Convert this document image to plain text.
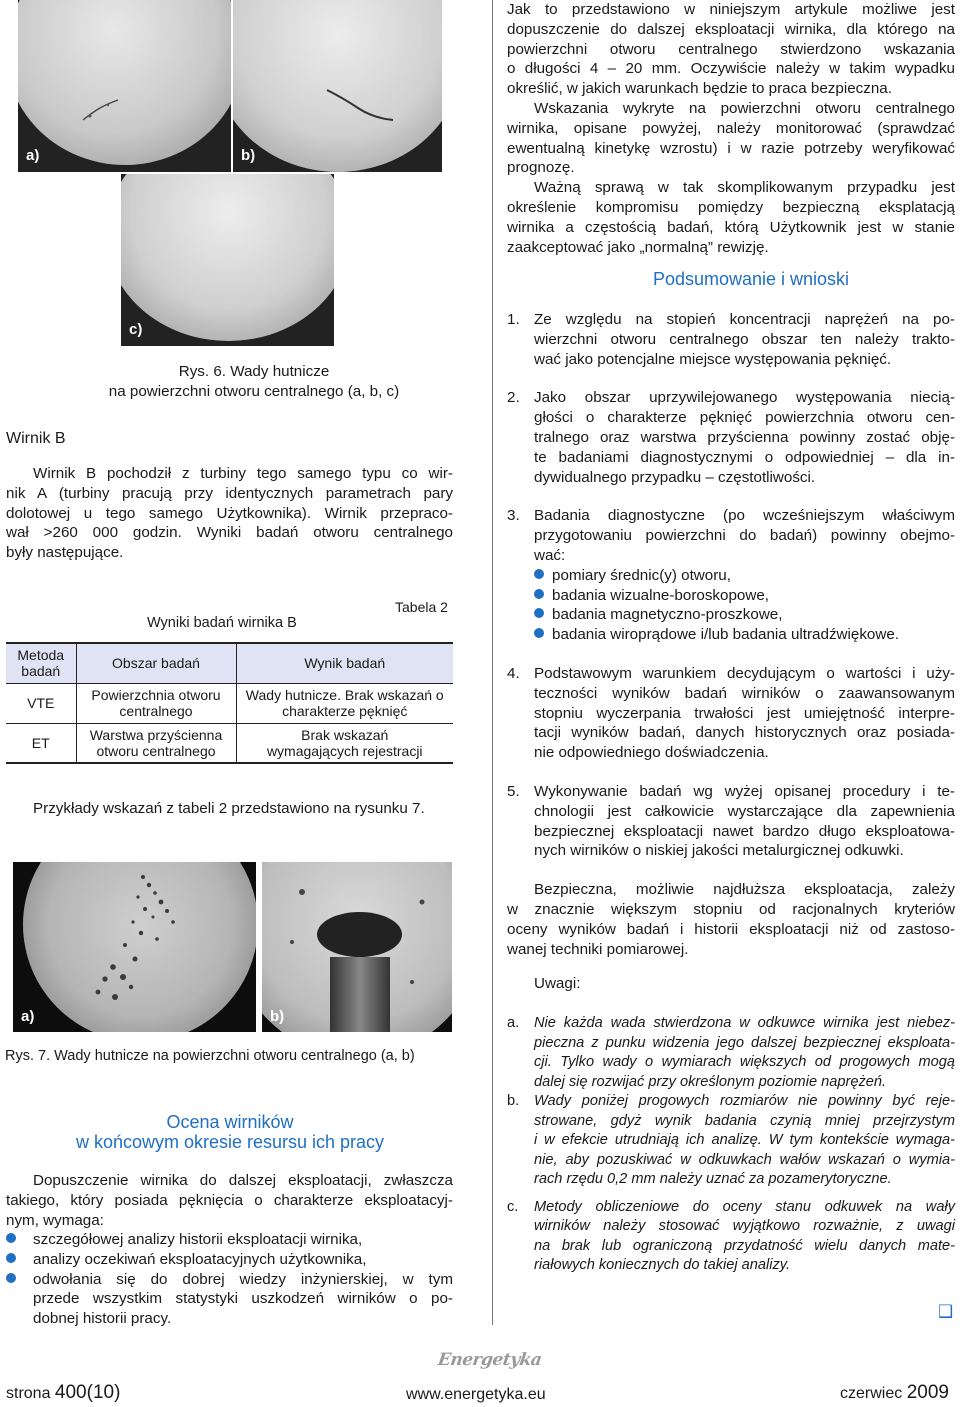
a)	b)
c)

Rys. 6. Wady hutnicze

na powierzchni otworu centralnego (a, b, c)

Wirnik B

Wirnik B pochodził z turbiny tego samego typu co wir-

nik A (turbiny pracują przy identycznych parametrach pary

dolotowej u tego samego Użytkownika). Wirnik przepraco-

wał >260 000 godzin. Wyniki badań otworu centralnego

były następujące.

Tabela 2

Wyniki badań wirnika B

Metoda badań	Obszar badań	Wynik badań
VTE	Powierzchnia otworu centralnego	Wady hutnicze. Brak wskazań o charakterze pęknięć

ET	Warstwa przyścienna otworu centralnego	Brak wskazań wymagających rejestracji

Przykłady wskazań z tabeli 2 przedstawiono na rysunku 7.

a)	b)

Rys. 7. Wady hutnicze na powierzchni otworu centralnego (a, b)

Ocena wirników

w końcowym okresie resursu ich pracy

Dopuszczenie wirnika do dalszej eksploatacji, zwłaszcza

takiego, który posiada pęknięcia o charakterze eksploatacyj-

nym, wymaga:

szczegółowej analizy historii eksploatacji wirnika,

analizy oczekiwań eksploatacyjnych użytkownika,

odwołania się do dobrej wiedzy inżynierskiej, w tym

przede wszystkim statystyki uszkodzeń wirników o po-

dobnej historii pracy.

Jak to przedstawiono w niniejszym artykule możliwe jest

dopuszczenie do dalszej eksploatacji wirnika, dla którego na

powierzchni otworu centralnego stwierdzono wskazania

o długości 4 – 20 mm. Oczywiście należy w takim wypadku

określić, w jakich warunkach będzie to praca bezpieczna.

Wskazania wykryte na powierzchni otworu centralnego

wirnika, opisane powyżej, należy monitorować (sprawdzać

ewentualną kinetykę wzrostu) i w razie potrzeby weryfikować

prognozę.

Ważną sprawą w tak skomplikowanym przypadku jest

określenie kompromisu pomiędzy bezpieczną eksplatacją

wirnika a częstością badań, którą Użytkownik jest w stanie

zaakceptować jako „normalną” rewizję.

Podsumowanie i wnioski

1. Ze względu na stopień koncentracji naprężeń na po-

wierzchni otworu centralnego obszar ten należy trakto-

wać jako potencjalne miejsce występowania pęknięć.

2. Jako obszar uprzywilejowanego występowania niecią-

głości o charakterze pęknięć powierzchnia otworu cen-

tralnego oraz warstwa przyścienna powinny zostać obję-

te badaniami diagnostycznymi o odpowiedniej – dla in-

dywidualnego przypadku – częstotliwości.

3. Badania diagnostyczne (po wcześniejszym właściwym

przygotowaniu powierzchni do badań) powinny obejmo-

wać:

pomiary średnic(y) otworu,

badania wizualne-boroskopowe,

badania magnetyczno-proszkowe,

badania wiroprądowe i/lub badania ultradźwiękowe.

4. Podstawowym warunkiem decydującym o wartości i uży-

teczności wyników badań wirników o zaawansowanym

stopniu wyczerpania trwałości jest umiejętność interpre-

tacji wyników badań, danych historycznych oraz posiada-

nie odpowiedniego doświadczenia.

5. Wykonywanie badań wg wyżej opisanej procedury i te-

chnologii jest całkowicie wystarczające dla zapewnienia

bezpiecznej eksploatacji nawet bardzo długo eksploatowa-

nych wirników o niskiej jakości metalurgicznej odkuwki.

Bezpieczna, możliwie najdłuższa eksploatacja, zależy

w znacznie większym stopniu od racjonalnych kryteriów

oceny wyników badań i historii eksploatacji niż od zastoso-

wanej techniki pomiarowej.

Uwagi:

a. Nie każda wada stwierdzona w odkuwce wirnika jest niebez-

pieczna z punku widzenia jego dalszej bezpiecznej eksploata-

cji. Tylko wady o wymiarach większych od progowych mogą

dalej się rozwijać przy określonym poziomie naprężeń.

b. Wady poniżej progowych rozmiarów nie powinny być reje-

strowane, gdyż wynik badania czynią mniej przejrzystym

i w efekcie utrudniają ich analizę. W tym kontekście wymaga-

nie, aby pozuskiwać w odkuwkach wałów wskazań o wymia-

rach rzędu 0,2 mm należy uznać za pozamerytoryczne.

c. Metody obliczeniowe do oceny stanu odkuwek na wały

wirników należy stosować wyjątkowo rozważnie, z uwagi

na brak lub ograniczoną przydatność wielu danych mate-

riałowych koniecznych do takiej analizy.

❑
Energetyka

strona 400(10)	www.energetyka.eu	czerwiec 2009
